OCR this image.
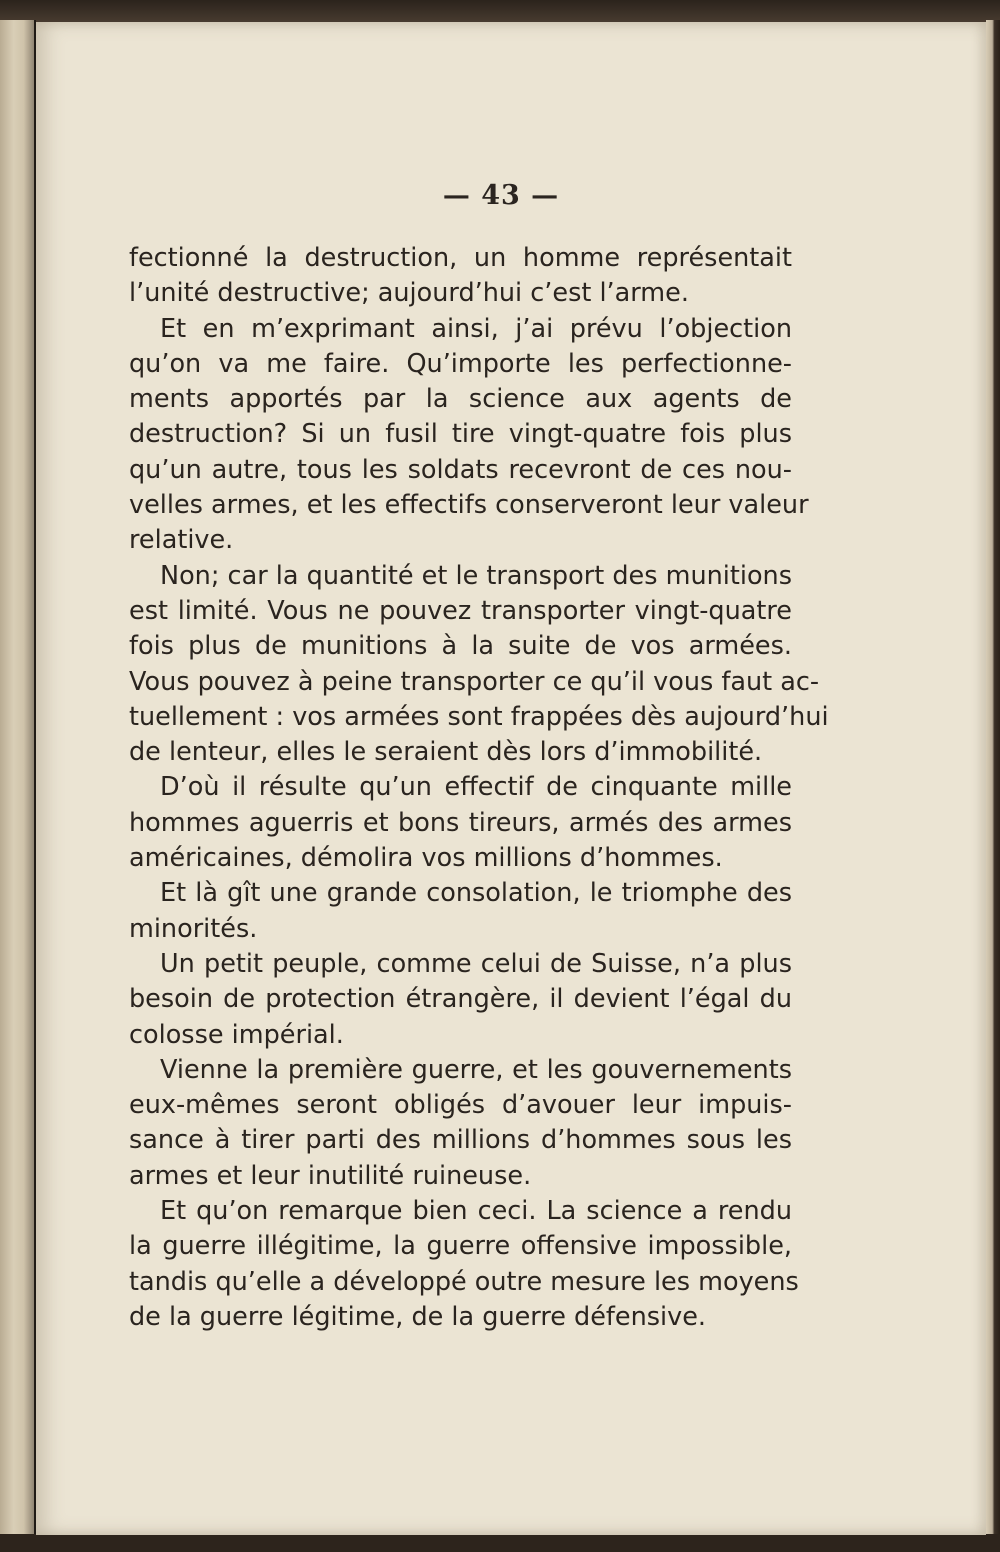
— 43 —
fectionné la destruction, un homme représentait
l’unité destructive; aujourd’hui c’est l’arme.
Et en m’exprimant ainsi, j’ai prévu l’objection
qu’on va me faire. Qu’importe les perfectionne-
ments apportés par la science aux agents de
destruction? Si un fusil tire vingt-quatre fois plus
qu’un autre, tous les soldats recevront de ces nou-
velles armes, et les effectifs conserveront leur valeur
relative.
Non; car la quantité et le transport des munitions
est limité. Vous ne pouvez transporter vingt-quatre
fois plus de munitions à la suite de vos armées.
Vous pouvez à peine transporter ce qu’il vous faut ac-
tuellement : vos armées sont frappées dès aujourd’hui
de lenteur, elles le seraient dès lors d’immobilité.
D’où il résulte qu’un effectif de cinquante mille
hommes aguerris et bons tireurs, armés des armes
américaines, démolira vos millions d’hommes.
Et là gît une grande consolation, le triomphe des
minorités.
Un petit peuple, comme celui de Suisse, n’a plus
besoin de protection étrangère, il devient l’égal du
colosse impérial.
Vienne la première guerre, et les gouvernements
eux-mêmes seront obligés d’avouer leur impuis-
sance à tirer parti des millions d’hommes sous les
armes et leur inutilité ruineuse.
Et qu’on remarque bien ceci. La science a rendu
la guerre illégitime, la guerre offensive impossible,
tandis qu’elle a développé outre mesure les moyens
de la guerre légitime, de la guerre défensive.
